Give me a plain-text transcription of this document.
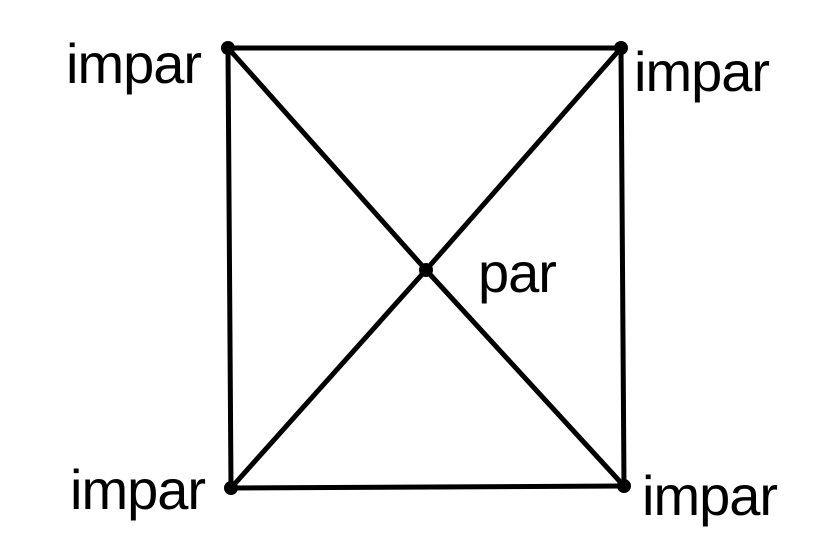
impar	impar
par
impar	impar
